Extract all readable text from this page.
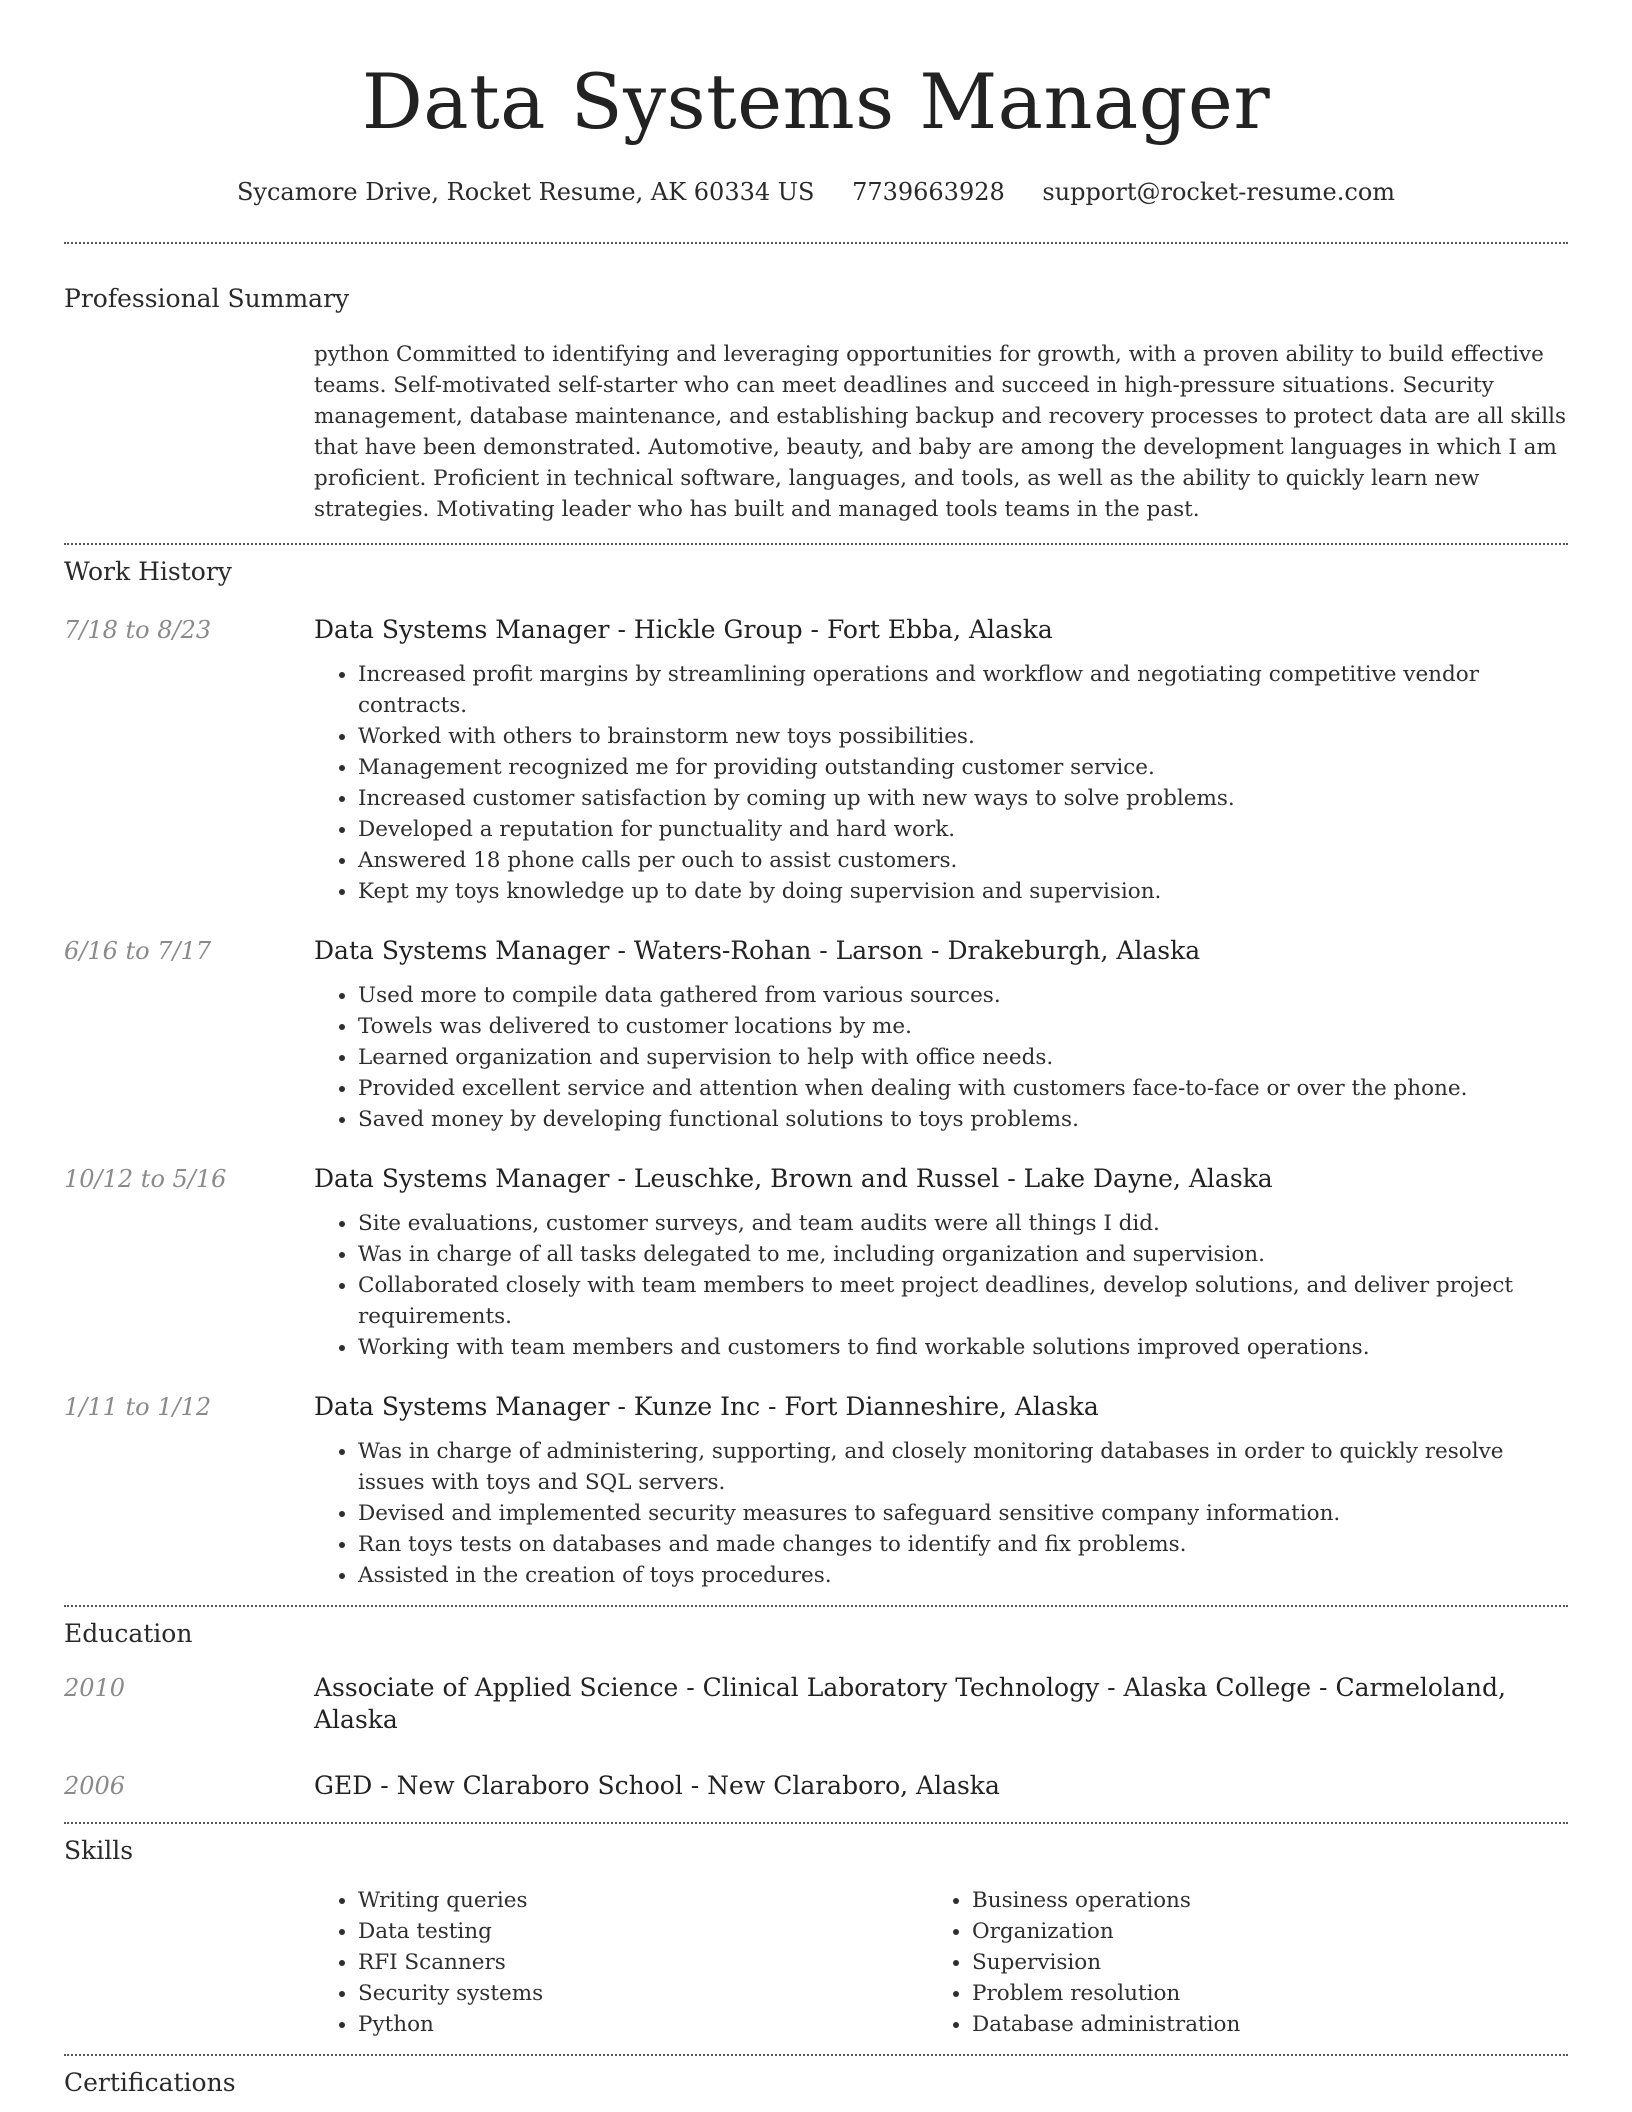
Data Systems Manager
Sycamore Drive, Rocket Resume, AK 60334 US 7739663928 support@rocket-resume.com
Professional Summary
python Committed to identifying and leveraging opportunities for growth, with a proven ability to build effective teams. Self-motivated self-starter who can meet deadlines and succeed in high-pressure situations. Security management, database maintenance, and establishing backup and recovery processes to protect data are all skills that have been demonstrated. Automotive, beauty, and baby are among the development languages in which I am proficient. Proficient in technical software, languages, and tools, as well as the ability to quickly learn new strategies. Motivating leader who has built and managed tools teams in the past.
Work History
7/18 to 8/23	Data Systems Manager - Hickle Group - Fort Ebba, Alaska
• Increased profit margins by streamlining operations and workflow and negotiating competitive vendor contracts.
• Worked with others to brainstorm new toys possibilities.
• Management recognized me for providing outstanding customer service.
• Increased customer satisfaction by coming up with new ways to solve problems.
• Developed a reputation for punctuality and hard work.
• Answered 18 phone calls per ouch to assist customers.
• Kept my toys knowledge up to date by doing supervision and supervision.
6/16 to 7/17	Data Systems Manager - Waters-Rohan - Larson - Drakeburgh, Alaska
• Used more to compile data gathered from various sources.
• Towels was delivered to customer locations by me.
• Learned organization and supervision to help with office needs.
• Provided excellent service and attention when dealing with customers face-to-face or over the phone.
• Saved money by developing functional solutions to toys problems.
10/12 to 5/16	Data Systems Manager - Leuschke, Brown and Russel - Lake Dayne, Alaska
• Site evaluations, customer surveys, and team audits were all things I did.
• Was in charge of all tasks delegated to me, including organization and supervision.
• Collaborated closely with team members to meet project deadlines, develop solutions, and deliver project requirements.
• Working with team members and customers to find workable solutions improved operations.
1/11 to 1/12	Data Systems Manager - Kunze Inc - Fort Dianneshire, Alaska
• Was in charge of administering, supporting, and closely monitoring databases in order to quickly resolve issues with toys and SQL servers.
• Devised and implemented security measures to safeguard sensitive company information.
• Ran toys tests on databases and made changes to identify and fix problems.
• Assisted in the creation of toys procedures.
Education
2010	Associate of Applied Science - Clinical Laboratory Technology - Alaska College - Carmeloland, Alaska
2006	GED - New Claraboro School - New Claraboro, Alaska
Skills
• Writing queries
• Data testing
• RFI Scanners
• Security systems
• Python
• Business operations
• Organization
• Supervision
• Problem resolution
• Database administration
Certifications
